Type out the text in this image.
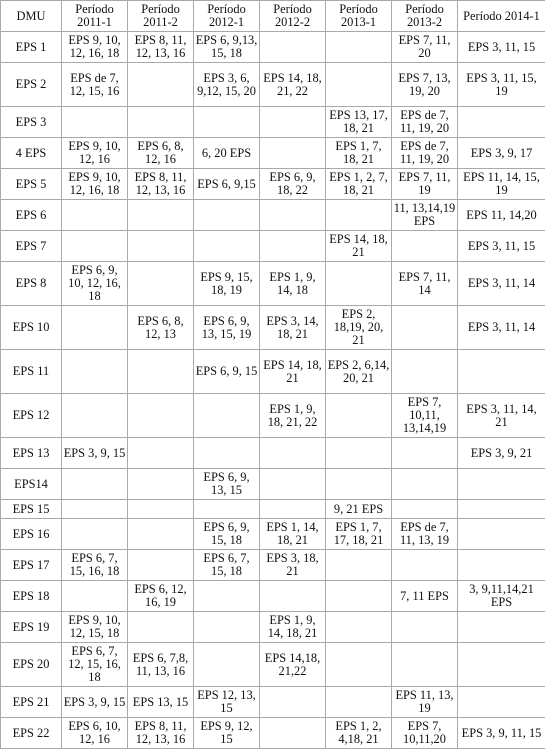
DMU	Período 2011-1	Período 2011-2	Período 2012-1	Período 2012-2	Período 2013-1	Período 2013-2	Período 2014-1
EPS 1	EPS 9, 10, 12, 16, 18	EPS 8, 11, 12, 13, 16	EPS 6, 9,13, 15, 18			EPS 7, 11, 20	EPS 3, 11, 15
EPS 2	EPS de 7, 12, 15, 16		EPS 3, 6, 9,12, 15, 20	EPS 14, 18, 21, 22		EPS 7, 13, 19, 20	EPS 3, 11, 15, 19
EPS 3					EPS 13, 17, 18, 21	EPS de 7, 11, 19, 20	
4 EPS	EPS 9, 10, 12, 16	EPS 6, 8, 12, 16	6, 20 EPS		EPS 1, 7, 18, 21	EPS de 7, 11, 19, 20	EPS 3, 9, 17
EPS 5	EPS 9, 10, 12, 16, 18	EPS 8, 11, 12, 13, 16	EPS 6, 9,15	EPS 6, 9, 18, 22	EPS 1, 2, 7, 18, 21	EPS 7, 11, 19	EPS 11, 14, 15, 19
EPS 6						11, 13,14,19 EPS	EPS 11, 14,20
EPS 7					EPS 14, 18, 21		EPS 3, 11, 15
EPS 8	EPS 6, 9, 10, 12, 16, 18		EPS 9, 15, 18, 19	EPS 1, 9, 14, 18		EPS 7, 11, 14	EPS 3, 11, 14
EPS 10		EPS 6, 8, 12, 13	EPS 6, 9, 13, 15, 19	EPS 3, 14, 18, 21	EPS 2, 18,19, 20, 21		EPS 3, 11, 14
EPS 11			EPS 6, 9, 15	EPS 14, 18, 21	EPS 2, 6,14, 20, 21		
EPS 12				EPS 1, 9, 18, 21, 22		EPS 7, 10,11, 13,14,19	EPS 3, 11, 14, 21
EPS 13	EPS 3, 9, 15						EPS 3, 9, 21
EPS14			EPS 6, 9, 13, 15				
EPS 15					9, 21 EPS		
EPS 16			EPS 6, 9, 15, 18	EPS 1, 14, 18, 21	EPS 1, 7, 17, 18, 21	EPS de 7, 11, 13, 19	
EPS 17	EPS 6, 7, 15, 16, 18		EPS 6, 7, 15, 18	EPS 3, 18, 21			
EPS 18		EPS 6, 12, 16, 19				7, 11 EPS	3, 9,11,14,21 EPS
EPS 19	EPS 9, 10, 12, 15, 18			EPS 1, 9, 14, 18, 21			
EPS 20	EPS 6, 7, 12, 15, 16, 18	EPS 6, 7,8, 11, 13, 16		EPS 14,18, 21,22			
EPS 21	EPS 3, 9, 15	EPS 13, 15	EPS 12, 13, 15			EPS 11, 13, 19	
EPS 22	EPS 6, 10, 12, 16	EPS 8, 11, 12, 13, 16	EPS 9, 12, 15		EPS 1, 2, 4,18, 21	EPS 7, 10,11,20	EPS 3, 9, 11, 15
